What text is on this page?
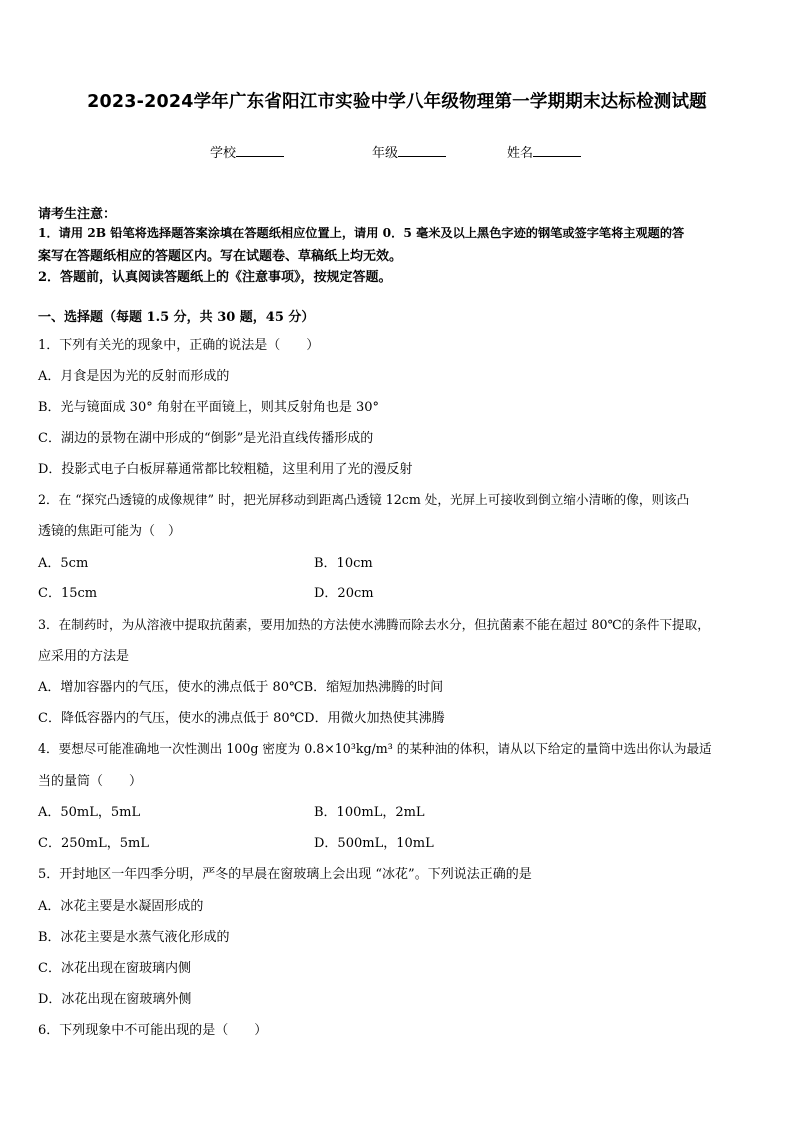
2023-2024学年广东省阳江市实验中学八年级物理第一学期期末达标检测试题
学校	年级	姓名
请考生注意：
1．请用 2B 铅笔将选择题答案涂填在答题纸相应位置上，请用 0．5 毫米及以上黑色字迹的钢笔或签字笔将主观题的答
案写在答题纸相应的答题区内。写在试题卷、草稿纸上均无效。
2．答题前，认真阅读答题纸上的《注意事项》，按规定答题。
一、选择题（每题 1.5 分，共 30 题，45 分）
1．下列有关光的现象中，正确的说法是（　　）
A．月食是因为光的反射而形成的
B．光与镜面成 30° 角射在平面镜上，则其反射角也是 30°
C．湖边的景物在湖中形成的“倒影”是光沿直线传播形成的
D．投影式电子白板屏幕通常都比较粗糙，这里利用了光的漫反射
2．在 “探究凸透镜的成像规律” 时，把光屏移动到距离凸透镜 12cm 处，光屏上可接收到倒立缩小清晰的像，则该凸
透镜的焦距可能为（　）
A．5cm	B．10cm
C．15cm	D．20cm
3．在制药时，为从溶液中提取抗菌素，要用加热的方法使水沸腾而除去水分，但抗菌素不能在超过 80℃的条件下提取，
应采用的方法是
A．增加容器内的气压，使水的沸点低于 80℃B．缩短加热沸腾的时间
C．降低容器内的气压，使水的沸点低于 80℃D．用微火加热使其沸腾
4．要想尽可能准确地一次性测出 100g 密度为 0.8×10³kg/m³ 的某种油的体积，请从以下给定的量筒中选出你认为最适
当的量筒（　　）
A．50mL，5mL	B．100mL，2mL
C．250mL，5mL	D．500mL，10mL
5．开封地区一年四季分明，严冬的早晨在窗玻璃上会出现 “冰花”。下列说法正确的是
A．冰花主要是水凝固形成的
B．冰花主要是水蒸气液化形成的
C．冰花出现在窗玻璃内侧
D．冰花出现在窗玻璃外侧
6．下列现象中不可能出现的是（　　）
